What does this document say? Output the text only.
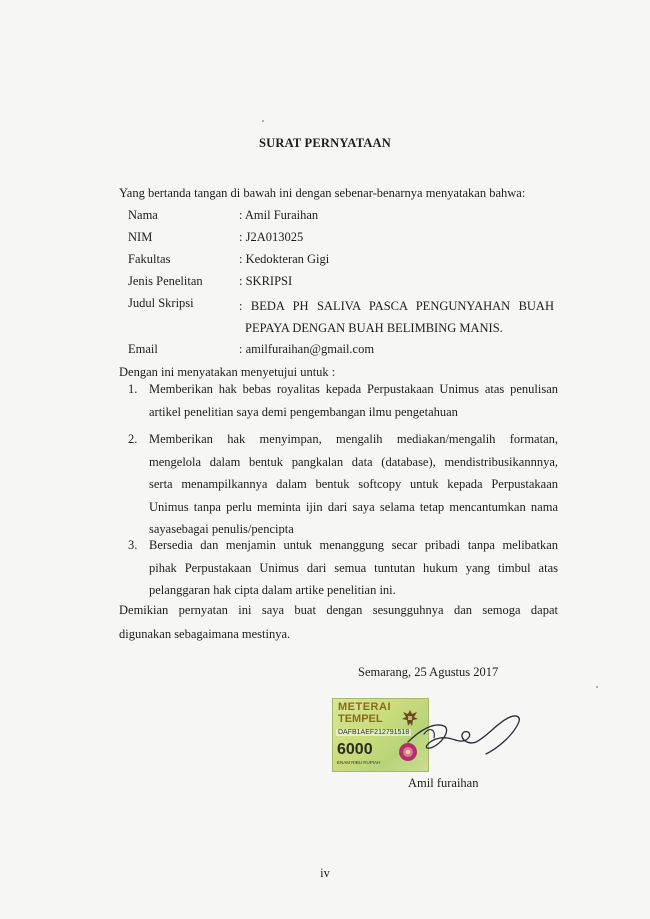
SURAT PERNYATAAN
Yang bertanda tangan di bawah ini dengan sebenar-benarnya menyatakan bahwa:
Nama	: Amil Furaihan
NIM	: J2A013025
Fakultas	: Kedokteran Gigi
Jenis Penelitan	: SKRIPSI
Judul Skripsi	: BEDA PH SALIVA PASCA PENGUNYAHAN BUAH
PEPAYA DENGAN BUAH BELIMBING MANIS.
Email	: amilfuraihan@gmail.com
Dengan ini menyatakan menyetujui untuk :
1. Memberikan hak bebas royalitas kepada Perpustakaan Unimus atas penulisan
artikel penelitian saya demi pengembangan ilmu pengetahuan
2. Memberikan hak menyimpan, mengalih mediakan/mengalih formatan,
mengelola dalam bentuk pangkalan data (database), mendistribusikannnya,
serta menampilkannya dalam bentuk softcopy untuk kepada Perpustakaan
Unimus tanpa perlu meminta ijin dari saya selama tetap mencantumkan nama
sayasebagai penulis/pencipta
3. Bersedia dan menjamin untuk menanggung secar pribadi tanpa melibatkan
pihak Perpustakaan Unimus dari semua tuntutan hukum yang timbul atas
pelanggaran hak cipta dalam artike penelitian ini.
Demikian pernyatan ini saya buat dengan sesungguhnya dan semoga dapat
digunakan sebagaimana mestinya.
Semarang, 25 Agustus 2017
METERAI
TEMPEL
DAFB1AEF212791518
6000
ENAM RIBU RUPIAH
Amil furaihan
iv
